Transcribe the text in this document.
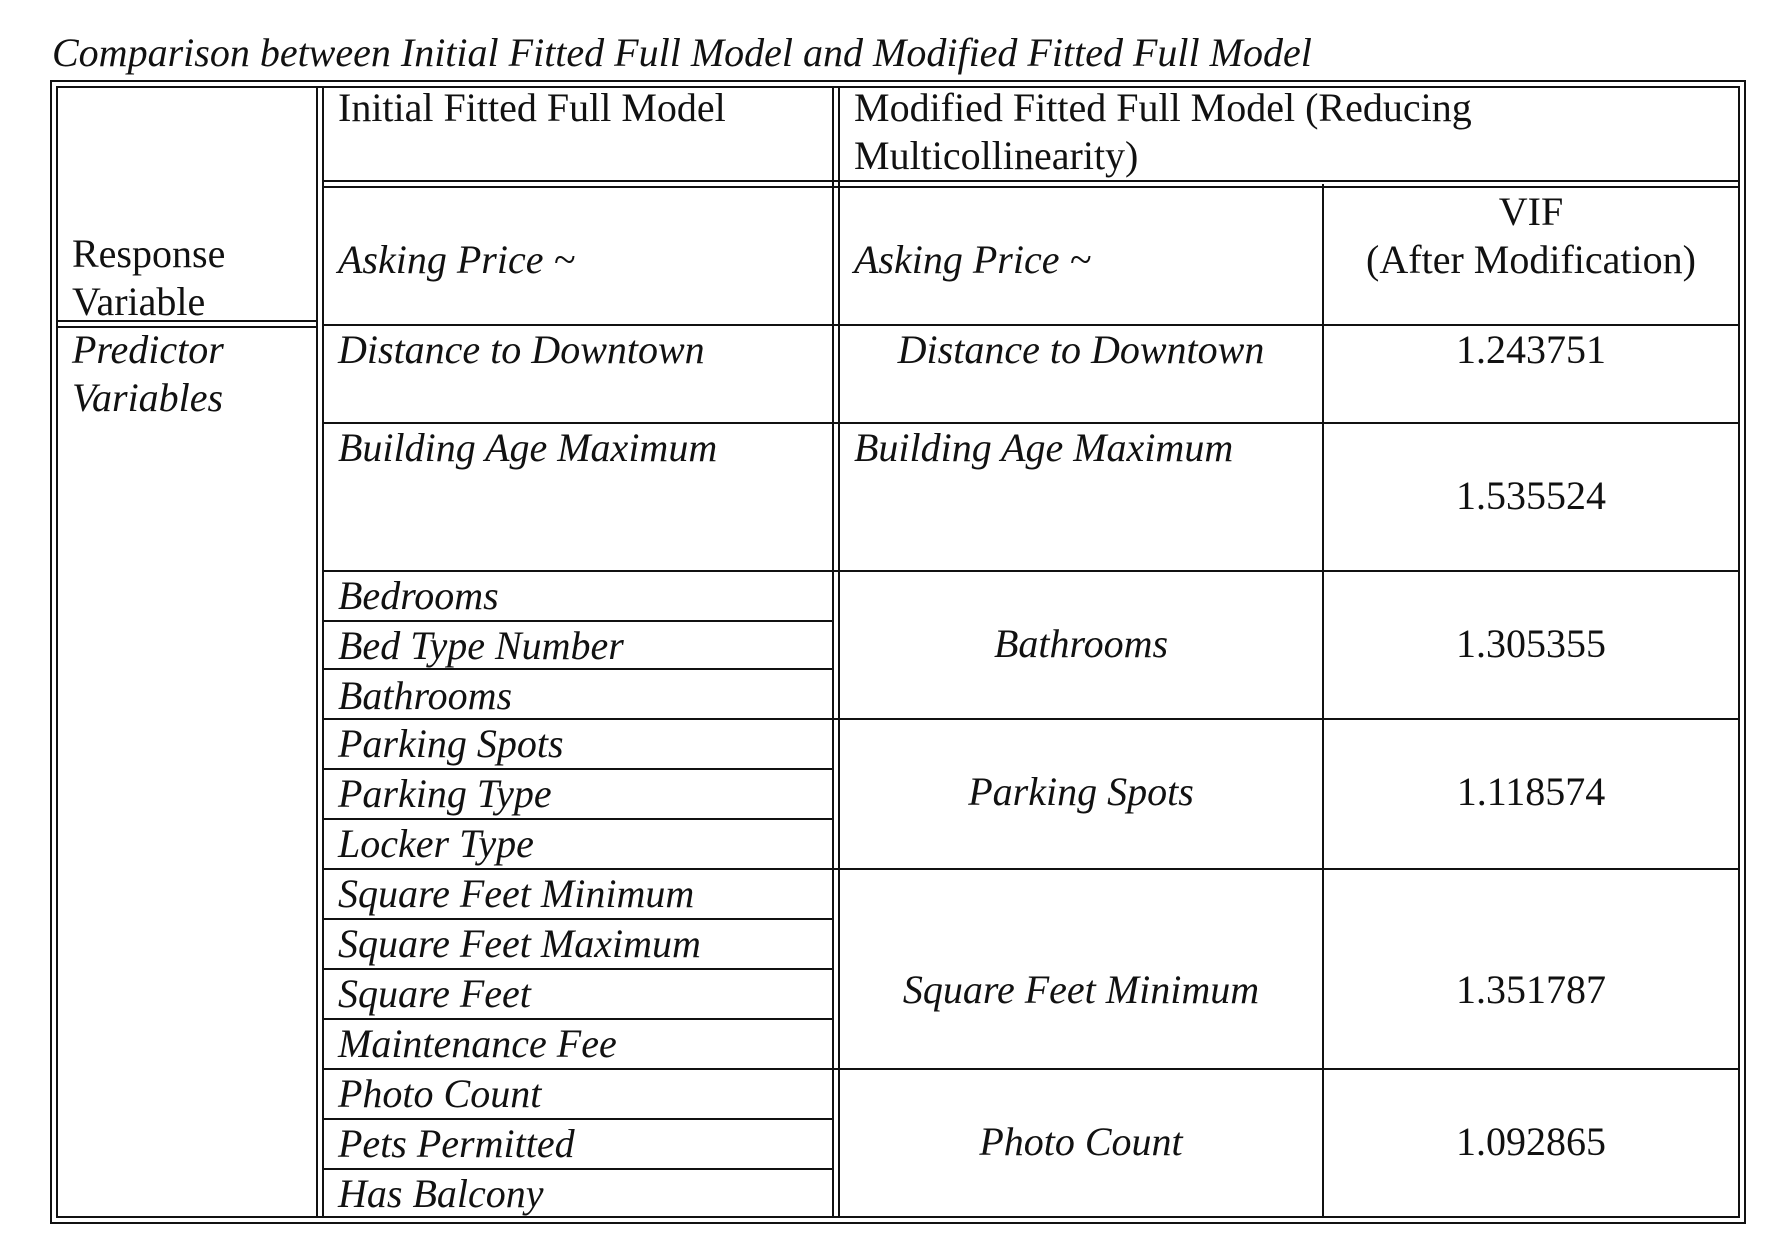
Comparison between Initial Fitted Full Model and Modified Fitted Full Model
Response
Variable
Initial Fitted Full Model	Modified Fitted Full Model (Reducing
Multicollinearity)
Asking Price ~	Asking Price ~
VIF
(After Modification)
Predictor
Variables
Distance to Downtown
Building Age Maximum
Bedrooms
Bed Type Number
Bathrooms
Parking Spots
Parking Type
Locker Type
Square Feet Minimum
Square Feet Maximum
Square Feet
Maintenance Fee
Photo Count
Pets Permitted
Has Balcony
Distance to Downtown
Building Age Maximum
Bathrooms
Parking Spots
Square Feet Minimum
Photo Count
1.243751
1.535524
1.305355
1.118574
1.351787
1.092865
